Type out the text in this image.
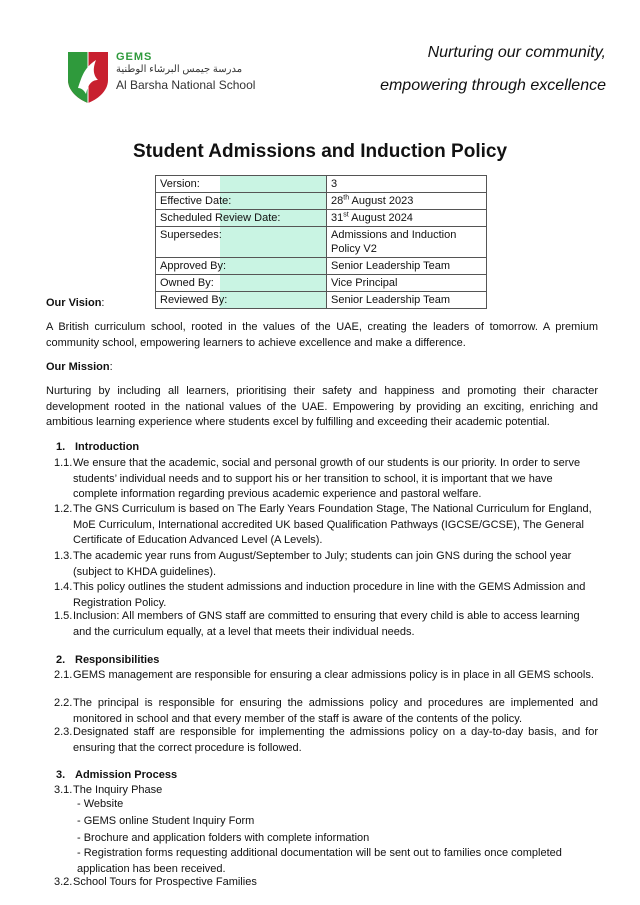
GEMS
مدرسة جيمس البرشاء الوطنية
Al Barsha National School
Nurturing our community,
empowering through excellence
Student Admissions and Induction Policy
Version:	3

Effective Date:	28th August 2023

Scheduled Review Date:	31st August 2024

Supersedes:	Admissions and Induction Policy V2

Approved By:	Senior Leadership Team

Owned By:	Vice Principal

Reviewed By:	Senior Leadership Team
Our Vision:
A British curriculum school, rooted in the values of the UAE, creating the leaders of tomorrow. A premium community school, empowering learners to achieve excellence and make a difference.
Our Mission:
Nurturing by including all learners, prioritising their safety and happiness and promoting their character development rooted in the national values of the UAE. Empowering by providing an exciting, enriching and ambitious learning experience where students excel by fulfilling and exceeding their academic potential.
1. Introduction
1.1. We ensure that the academic, social and personal growth of our students is our priority. In order to serve students’ individual needs and to support his or her transition to school, it is important that we have complete information regarding previous academic experience and pastoral welfare.
1.2. The GNS Curriculum is based on The Early Years Foundation Stage, The National Curriculum for England, MoE Curriculum, International accredited UK based Qualification Pathways (IGCSE/GCSE), The General Certificate of Education Advanced Level (A Levels).
1.3. The academic year runs from August/September to July; students can join GNS during the school year (subject to KHDA guidelines).
1.4. This policy outlines the student admissions and induction procedure in line with the GEMS Admission and Registration Policy.
1.5. Inclusion: All members of GNS staff are committed to ensuring that every child is able to access learning and the curriculum equally, at a level that meets their individual needs.
2. Responsibilities
2.1. GEMS management are responsible for ensuring a clear admissions policy is in place in all GEMS schools.
2.2. The principal is responsible for ensuring the admissions policy and procedures are implemented and monitored in school and that every member of the staff is aware of the contents of the policy.
2.3. Designated staff are responsible for implementing the admissions policy on a day-to-day basis, and for ensuring that the correct procedure is followed.
3. Admission Process
3.1. The Inquiry Phase
- Website
- GEMS online Student Inquiry Form
- Brochure and application folders with complete information
- Registration forms requesting additional documentation will be sent out to families once completed application has been received.
3.2. School Tours for Prospective Families
